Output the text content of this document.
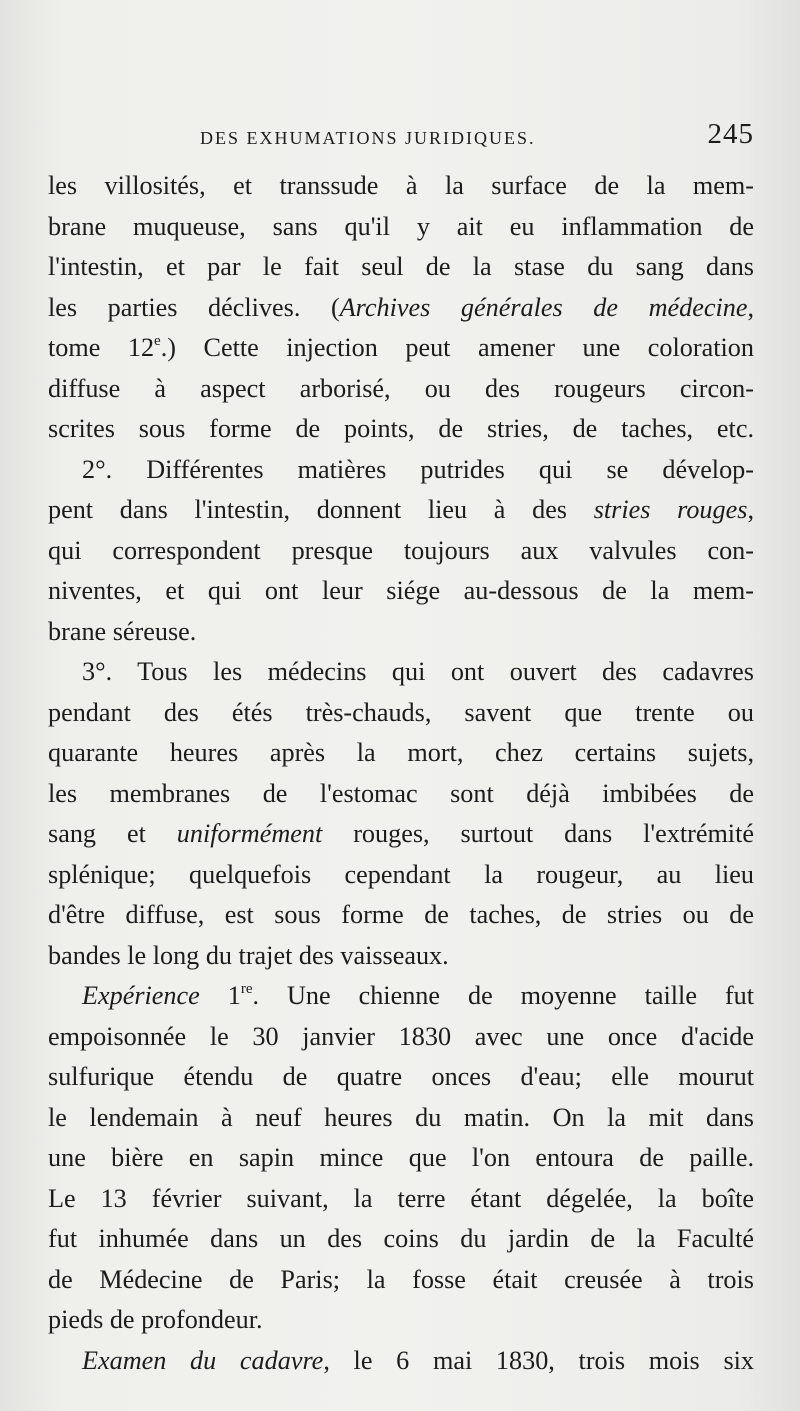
DES EXHUMATIONS JURIDIQUES.	245
les villosités, et transsude à la surface de la mem-
brane muqueuse, sans qu'il y ait eu inflammation de
l'intestin, et par le fait seul de la stase du sang dans
les parties déclives. (Archives générales de médecine,
tome 12e.) Cette injection peut amener une coloration
diffuse à aspect arborisé, ou des rougeurs circon-
scrites sous forme de points, de stries, de taches, etc.
2°. Différentes matières putrides qui se dévelop-
pent dans l'intestin, donnent lieu à des stries rouges,
qui correspondent presque toujours aux valvules con-
niventes, et qui ont leur siége au-dessous de la mem-
brane séreuse.
3°. Tous les médecins qui ont ouvert des cadavres
pendant des étés très-chauds, savent que trente ou
quarante heures après la mort, chez certains sujets,
les membranes de l'estomac sont déjà imbibées de
sang et uniformément rouges, surtout dans l'extrémité
splénique; quelquefois cependant la rougeur, au lieu
d'être diffuse, est sous forme de taches, de stries ou de
bandes le long du trajet des vaisseaux.
Expérience 1re. Une chienne de moyenne taille fut
empoisonnée le 30 janvier 1830 avec une once d'acide
sulfurique étendu de quatre onces d'eau; elle mourut
le lendemain à neuf heures du matin. On la mit dans
une bière en sapin mince que l'on entoura de paille.
Le 13 février suivant, la terre étant dégelée, la boîte
fut inhumée dans un des coins du jardin de la Faculté
de Médecine de Paris; la fosse était creusée à trois
pieds de profondeur.
Examen du cadavre, le 6 mai 1830, trois mois six
